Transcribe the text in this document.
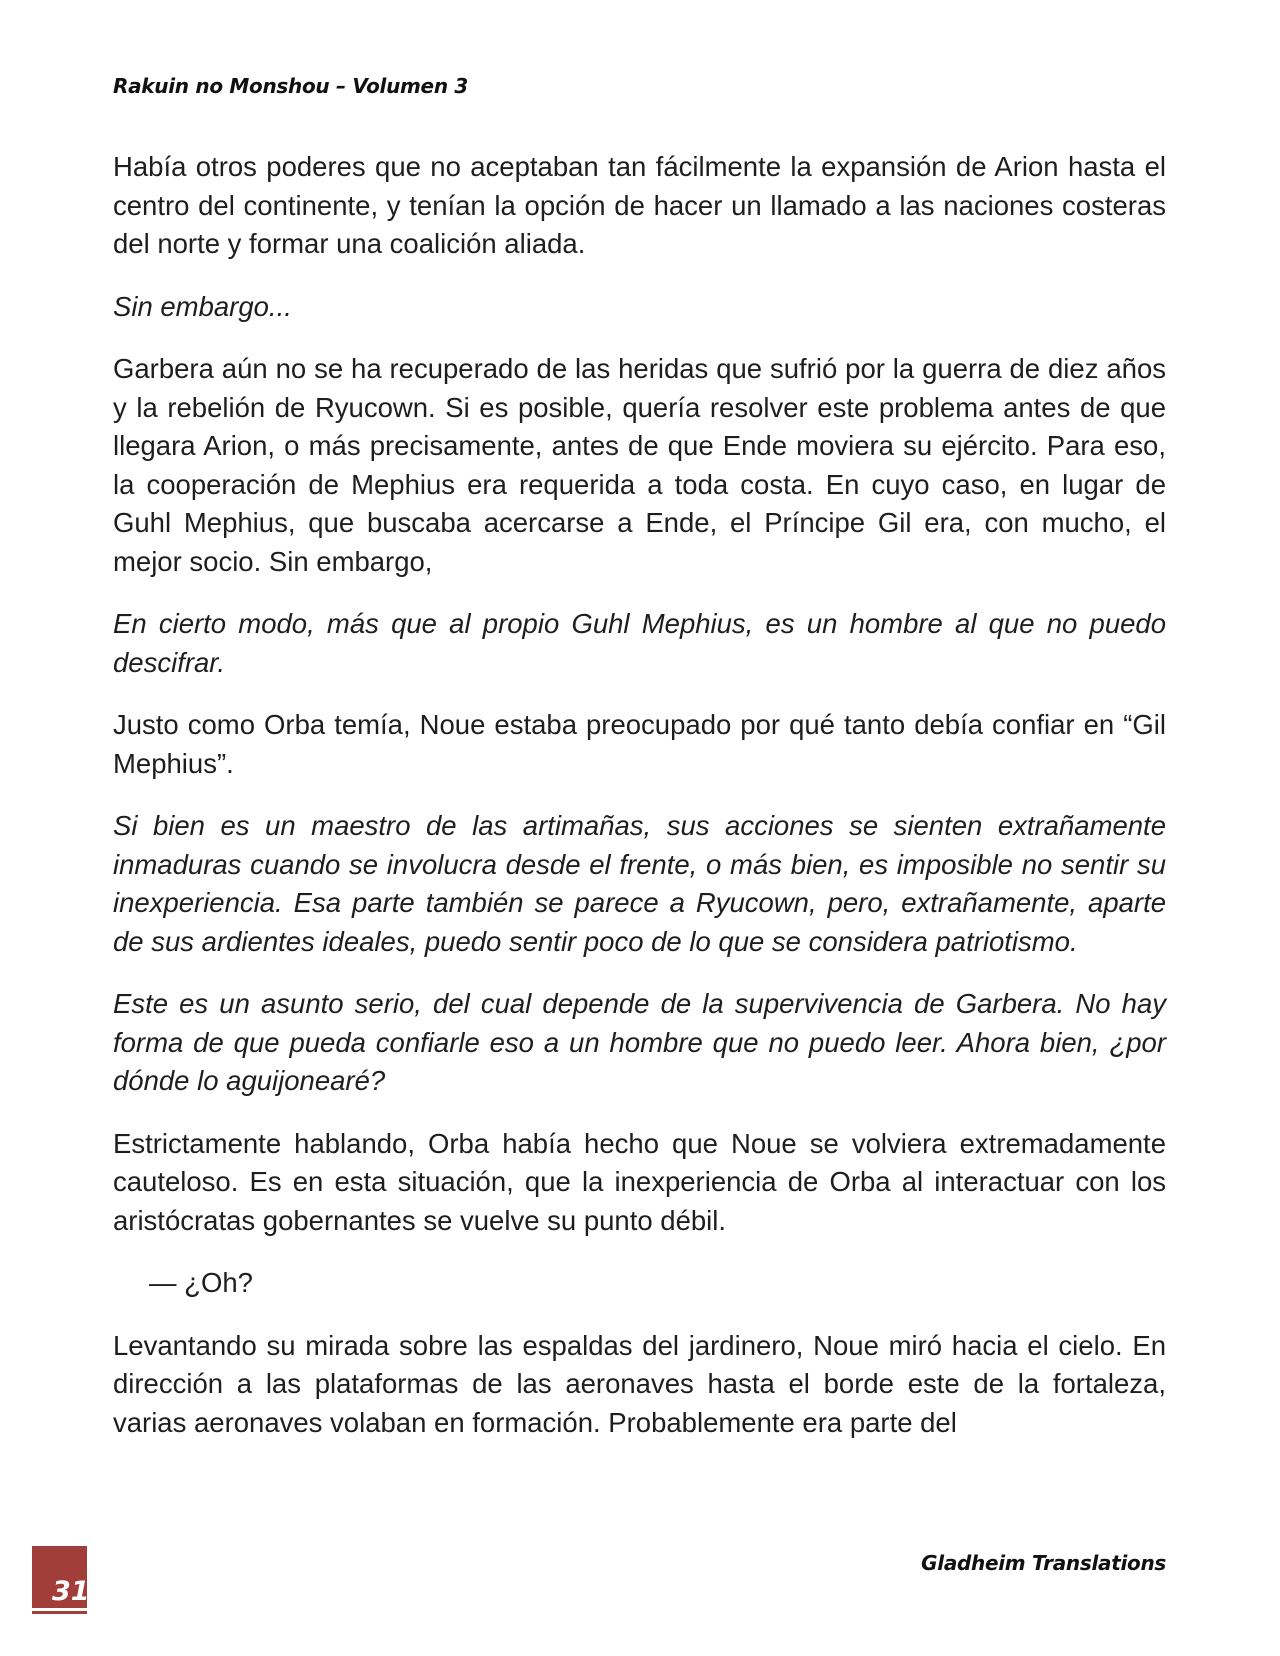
Rakuin no Monshou – Volumen 3

Había otros poderes que no aceptaban tan fácilmente la expansión de Arion hasta el centro del continente, y tenían la opción de hacer un llamado a las naciones costeras del norte y formar una coalición aliada.

Sin embargo...

Garbera aún no se ha recuperado de las heridas que sufrió por la guerra de diez años y la rebelión de Ryucown. Si es posible, quería resolver este problema antes de que llegara Arion, o más precisamente, antes de que Ende moviera su ejército. Para eso, la cooperación de Mephius era requerida a toda costa. En cuyo caso, en lugar de Guhl Mephius, que buscaba acercarse a Ende, el Príncipe Gil era, con mucho, el mejor socio. Sin embargo,

En cierto modo, más que al propio Guhl Mephius, es un hombre al que no puedo descifrar.

Justo como Orba temía, Noue estaba preocupado por qué tanto debía confiar en “Gil Mephius”.

Si bien es un maestro de las artimañas, sus acciones se sienten extrañamente inmaduras cuando se involucra desde el frente, o más bien, es imposible no sentir su inexperiencia. Esa parte también se parece a Ryucown, pero, extrañamente, aparte de sus ardientes ideales, puedo sentir poco de lo que se considera patriotismo.

Este es un asunto serio, del cual depende de la supervivencia de Garbera. No hay forma de que pueda confiarle eso a un hombre que no puedo leer. Ahora bien, ¿por dónde lo aguijonearé?

Estrictamente hablando, Orba había hecho que Noue se volviera extremadamente cauteloso. Es en esta situación, que la inexperiencia de Orba al interactuar con los aristócratas gobernantes se vuelve su punto débil.

— ¿Oh?

Levantando su mirada sobre las espaldas del jardinero, Noue miró hacia el cielo. En dirección a las plataformas de las aeronaves hasta el borde este de la fortaleza, varias aeronaves volaban en formación. Probablemente era parte del

31
Gladheim Translations
